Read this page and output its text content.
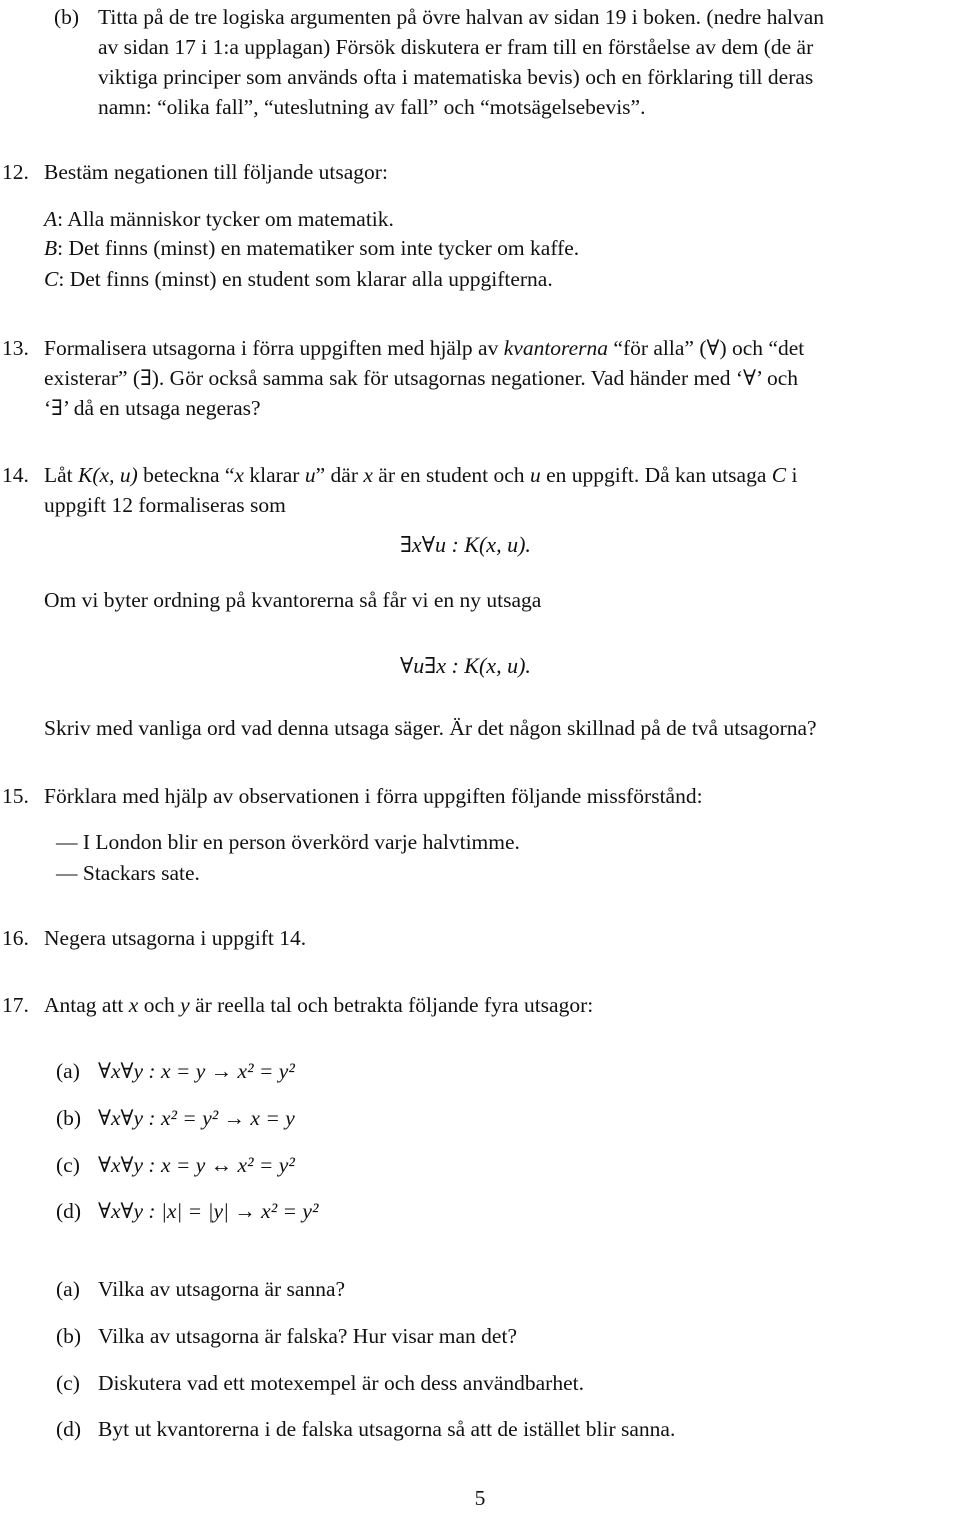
(b) Titta på de tre logiska argumenten på övre halvan av sidan 19 i boken. (nedre halvan
av sidan 17 i 1:a upplagan) Försök diskutera er fram till en förståelse av dem (de är
viktiga principer som används ofta i matematiska bevis) och en förklaring till deras
namn: “olika fall”, “uteslutning av fall” och “motsägelsebevis”.
12. Bestäm negationen till följande utsagor:
A: Alla människor tycker om matematik.
B: Det finns (minst) en matematiker som inte tycker om kaffe.
C: Det finns (minst) en student som klarar alla uppgifterna.
13. Formalisera utsagorna i förra uppgiften med hjälp av kvantorerna “för alla” (∀) och “det
existerar” (∃). Gör också samma sak för utsagornas negationer. Vad händer med ‘∀’ och
‘∃’ då en utsaga negeras?
14. Låt K(x, u) beteckna “x klarar u” där x är en student och u en uppgift. Då kan utsaga C i
uppgift 12 formaliseras som
∃x∀u : K(x, u).
Om vi byter ordning på kvantorerna så får vi en ny utsaga
∀u∃x : K(x, u).
Skriv med vanliga ord vad denna utsaga säger. Är det någon skillnad på de två utsagorna?
15. Förklara med hjälp av observationen i förra uppgiften följande missförstånd:
— I London blir en person överkörd varje halvtimme.
— Stackars sate.
16. Negera utsagorna i uppgift 14.
17. Antag att x och y är reella tal och betrakta följande fyra utsagor:
(a) ∀x∀y : x = y → x² = y²
(b) ∀x∀y : x² = y² → x = y
(c) ∀x∀y : x = y ↔ x² = y²
(d) ∀x∀y : |x| = |y| → x² = y²
(a) Vilka av utsagorna är sanna?
(b) Vilka av utsagorna är falska? Hur visar man det?
(c) Diskutera vad ett motexempel är och dess användbarhet.
(d) Byt ut kvantorerna i de falska utsagorna så att de istället blir sanna.
5
